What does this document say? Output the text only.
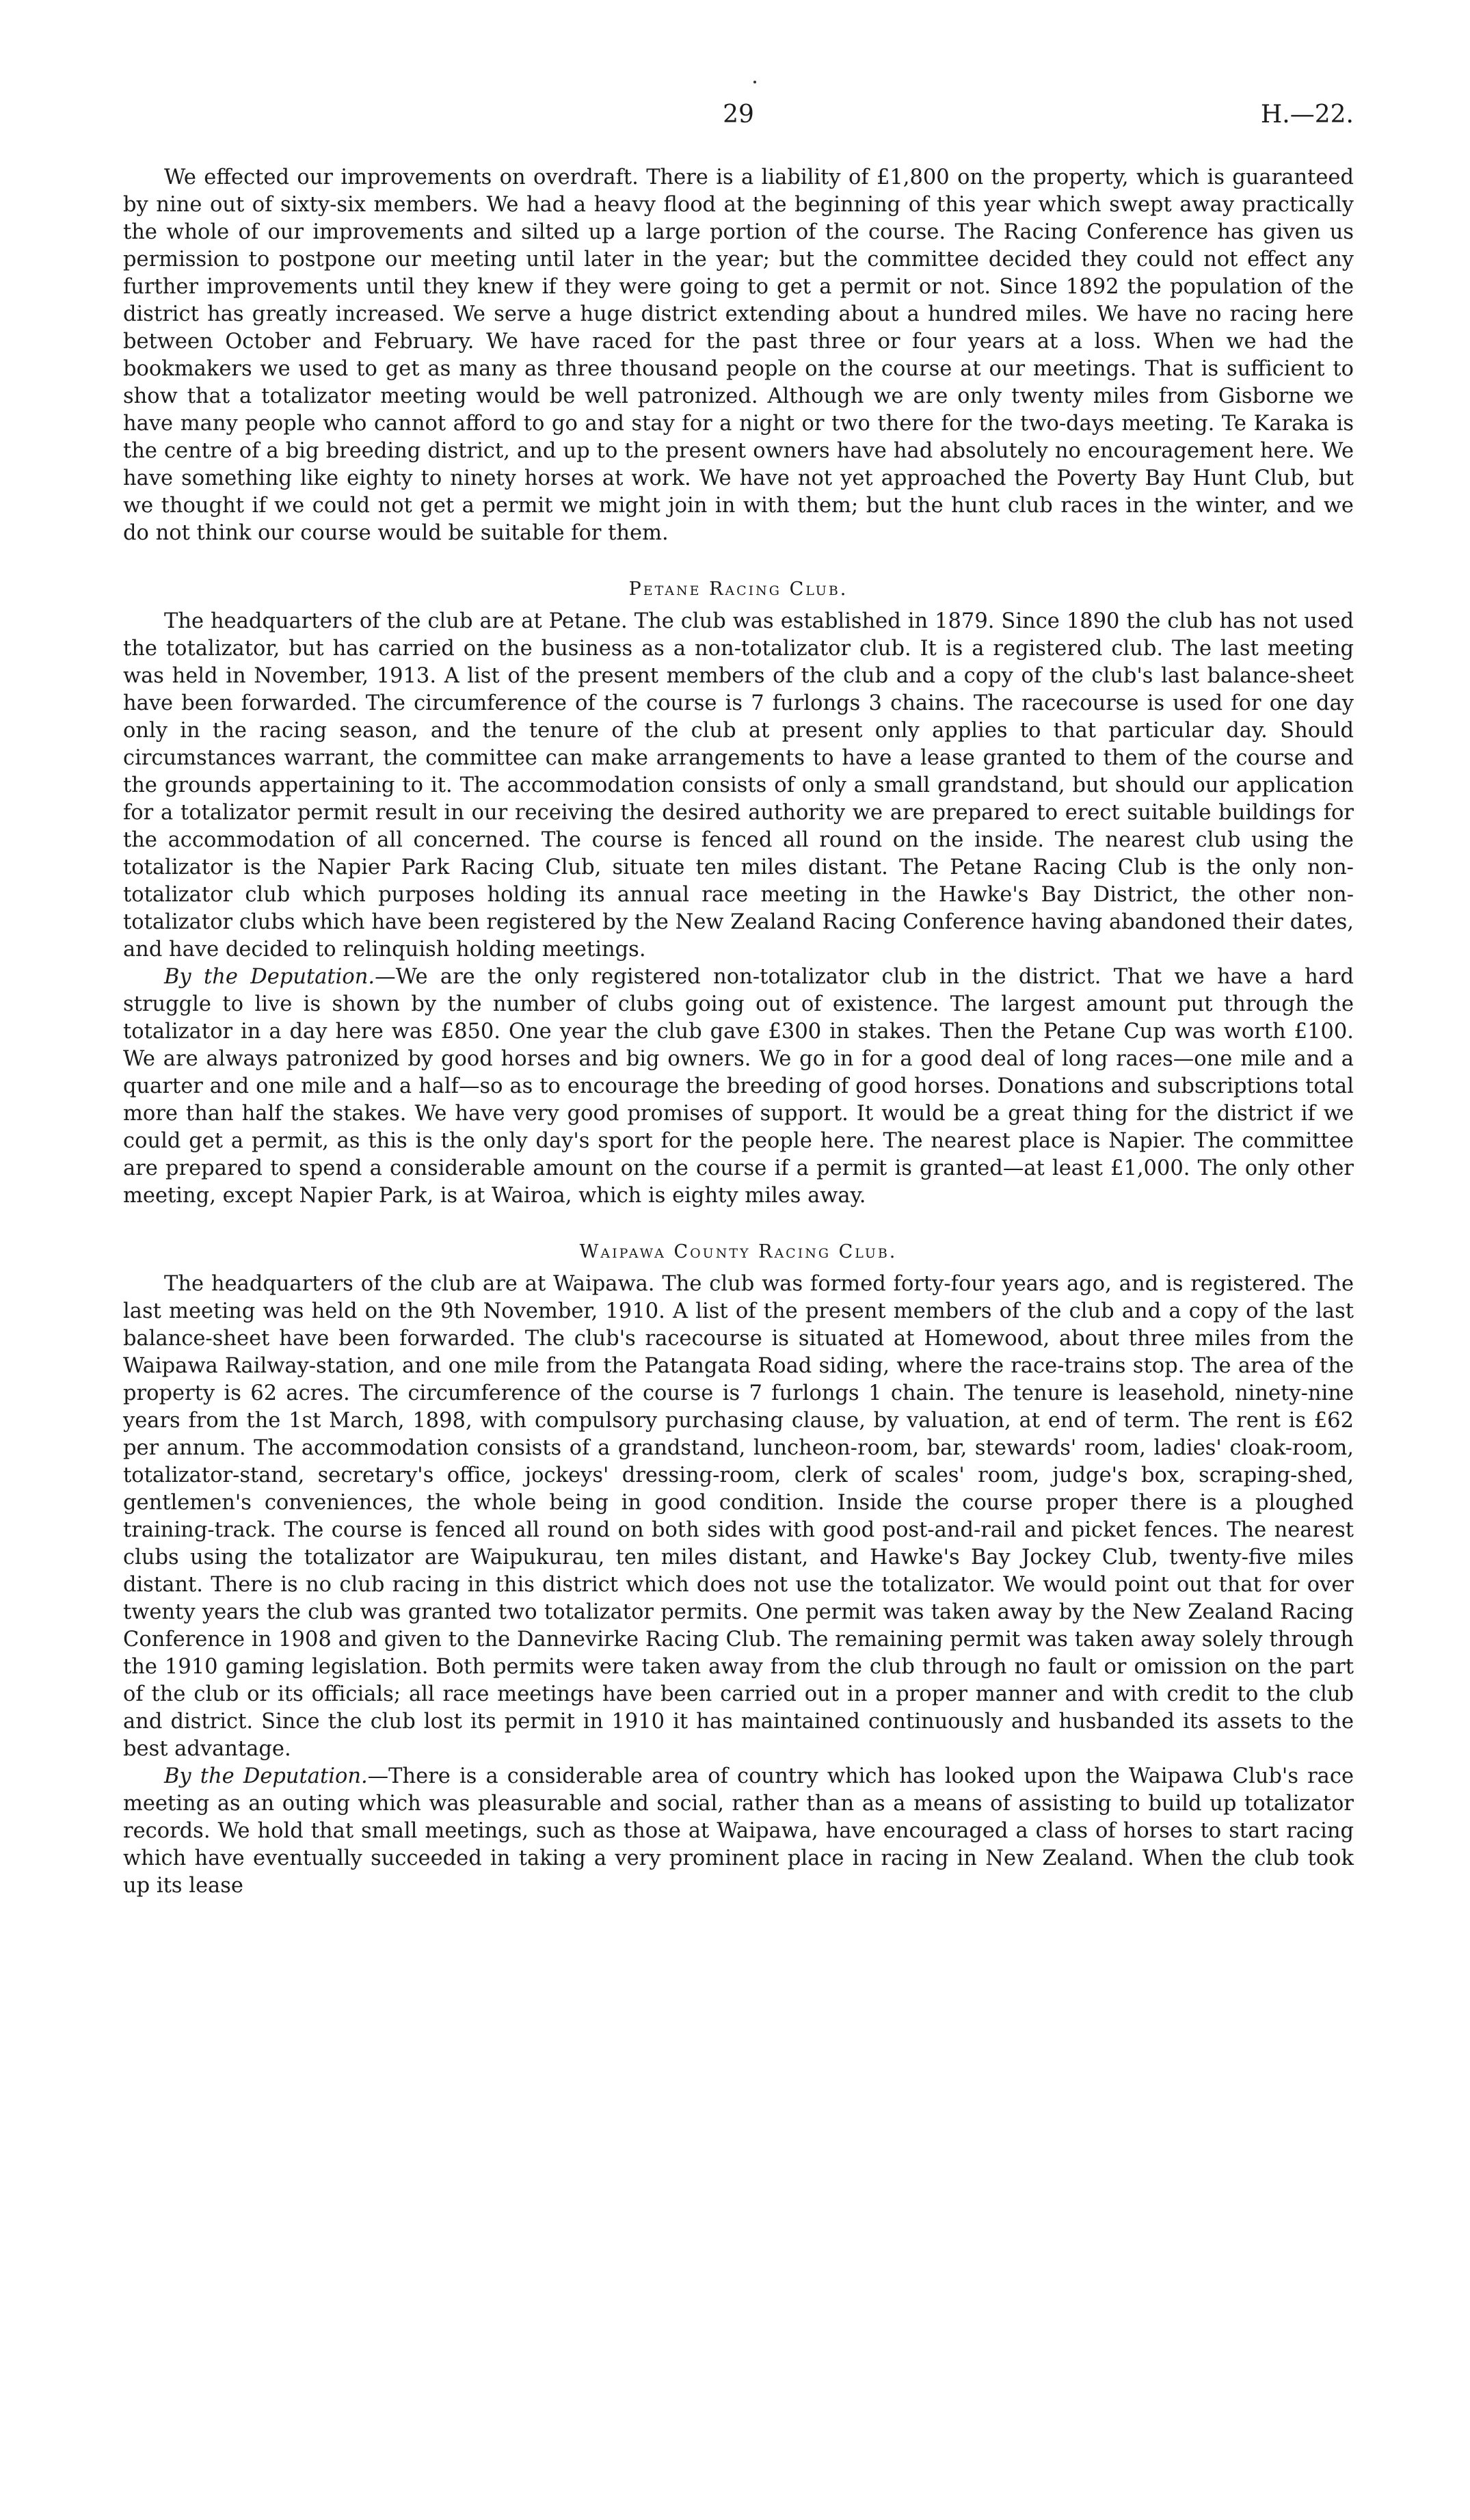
29	H.—22.

We effected our improvements on overdraft. There is a liability of £1,800 on the property, which is guaranteed by nine out of sixty-six members. We had a heavy flood at the beginning of this year which swept away practically the whole of our improvements and silted up a large portion of the course. The Racing Conference has given us permission to postpone our meeting until later in the year; but the committee decided they could not effect any further improvements until they knew if they were going to get a permit or not. Since 1892 the population of the district has greatly increased. We serve a huge district extending about a hundred miles. We have no racing here between October and February. We have raced for the past three or four years at a loss. When we had the bookmakers we used to get as many as three thousand people on the course at our meetings. That is sufficient to show that a totalizator meeting would be well patronized. Although we are only twenty miles from Gisborne we have many people who cannot afford to go and stay for a night or two there for the two-days meeting. Te Karaka is the centre of a big breeding district, and up to the present owners have had absolutely no encouragement here. We have something like eighty to ninety horses at work. We have not yet approached the Poverty Bay Hunt Club, but we thought if we could not get a permit we might join in with them; but the hunt club races in the winter, and we do not think our course would be suitable for them.

Petane Racing Club.

The headquarters of the club are at Petane. The club was established in 1879. Since 1890 the club has not used the totalizator, but has carried on the business as a non-totalizator club. It is a registered club. The last meeting was held in November, 1913. A list of the present members of the club and a copy of the club's last balance-sheet have been forwarded. The circumference of the course is 7 furlongs 3 chains. The racecourse is used for one day only in the racing season, and the tenure of the club at present only applies to that particular day. Should circumstances warrant, the committee can make arrangements to have a lease granted to them of the course and the grounds appertaining to it. The accommodation consists of only a small grandstand, but should our application for a totalizator permit result in our receiving the desired authority we are prepared to erect suitable buildings for the accommodation of all concerned. The course is fenced all round on the inside. The nearest club using the totalizator is the Napier Park Racing Club, situate ten miles distant. The Petane Racing Club is the only non-totalizator club which purposes holding its annual race meeting in the Hawke's Bay District, the other non-totalizator clubs which have been registered by the New Zealand Racing Conference having abandoned their dates, and have decided to relinquish holding meetings.

By the Deputation.—We are the only registered non-totalizator club in the district. That we have a hard struggle to live is shown by the number of clubs going out of existence. The largest amount put through the totalizator in a day here was £850. One year the club gave £300 in stakes. Then the Petane Cup was worth £100. We are always patronized by good horses and big owners. We go in for a good deal of long races—one mile and a quarter and one mile and a half—so as to encourage the breeding of good horses. Donations and subscriptions total more than half the stakes. We have very good promises of support. It would be a great thing for the district if we could get a permit, as this is the only day's sport for the people here. The nearest place is Napier. The committee are prepared to spend a considerable amount on the course if a permit is granted—at least £1,000. The only other meeting, except Napier Park, is at Wairoa, which is eighty miles away.

Waipawa County Racing Club.

The headquarters of the club are at Waipawa. The club was formed forty-four years ago, and is registered. The last meeting was held on the 9th November, 1910. A list of the present members of the club and a copy of the last balance-sheet have been forwarded. The club's racecourse is situated at Homewood, about three miles from the Waipawa Railway-station, and one mile from the Patangata Road siding, where the race-trains stop. The area of the property is 62 acres. The circumference of the course is 7 furlongs 1 chain. The tenure is leasehold, ninety-nine years from the 1st March, 1898, with compulsory purchasing clause, by valuation, at end of term. The rent is £62 per annum. The accommodation consists of a grandstand, luncheon-room, bar, stewards' room, ladies' cloak-room, totalizator-stand, secretary's office, jockeys' dressing-room, clerk of scales' room, judge's box, scraping-shed, gentlemen's conveniences, the whole being in good condition. Inside the course proper there is a ploughed training-track. The course is fenced all round on both sides with good post-and-rail and picket fences. The nearest clubs using the totalizator are Waipukurau, ten miles distant, and Hawke's Bay Jockey Club, twenty-five miles distant. There is no club racing in this district which does not use the totalizator. We would point out that for over twenty years the club was granted two totalizator permits. One permit was taken away by the New Zealand Racing Conference in 1908 and given to the Dannevirke Racing Club. The remaining permit was taken away solely through the 1910 gaming legislation. Both permits were taken away from the club through no fault or omission on the part of the club or its officials; all race meetings have been carried out in a proper manner and with credit to the club and district. Since the club lost its permit in 1910 it has maintained continuously and husbanded its assets to the best advantage.

By the Deputation.—There is a considerable area of country which has looked upon the Waipawa Club's race meeting as an outing which was pleasurable and social, rather than as a means of assisting to build up totalizator records. We hold that small meetings, such as those at Waipawa, have encouraged a class of horses to start racing which have eventually succeeded in taking a very prominent place in racing in New Zealand. When the club took up its lease
